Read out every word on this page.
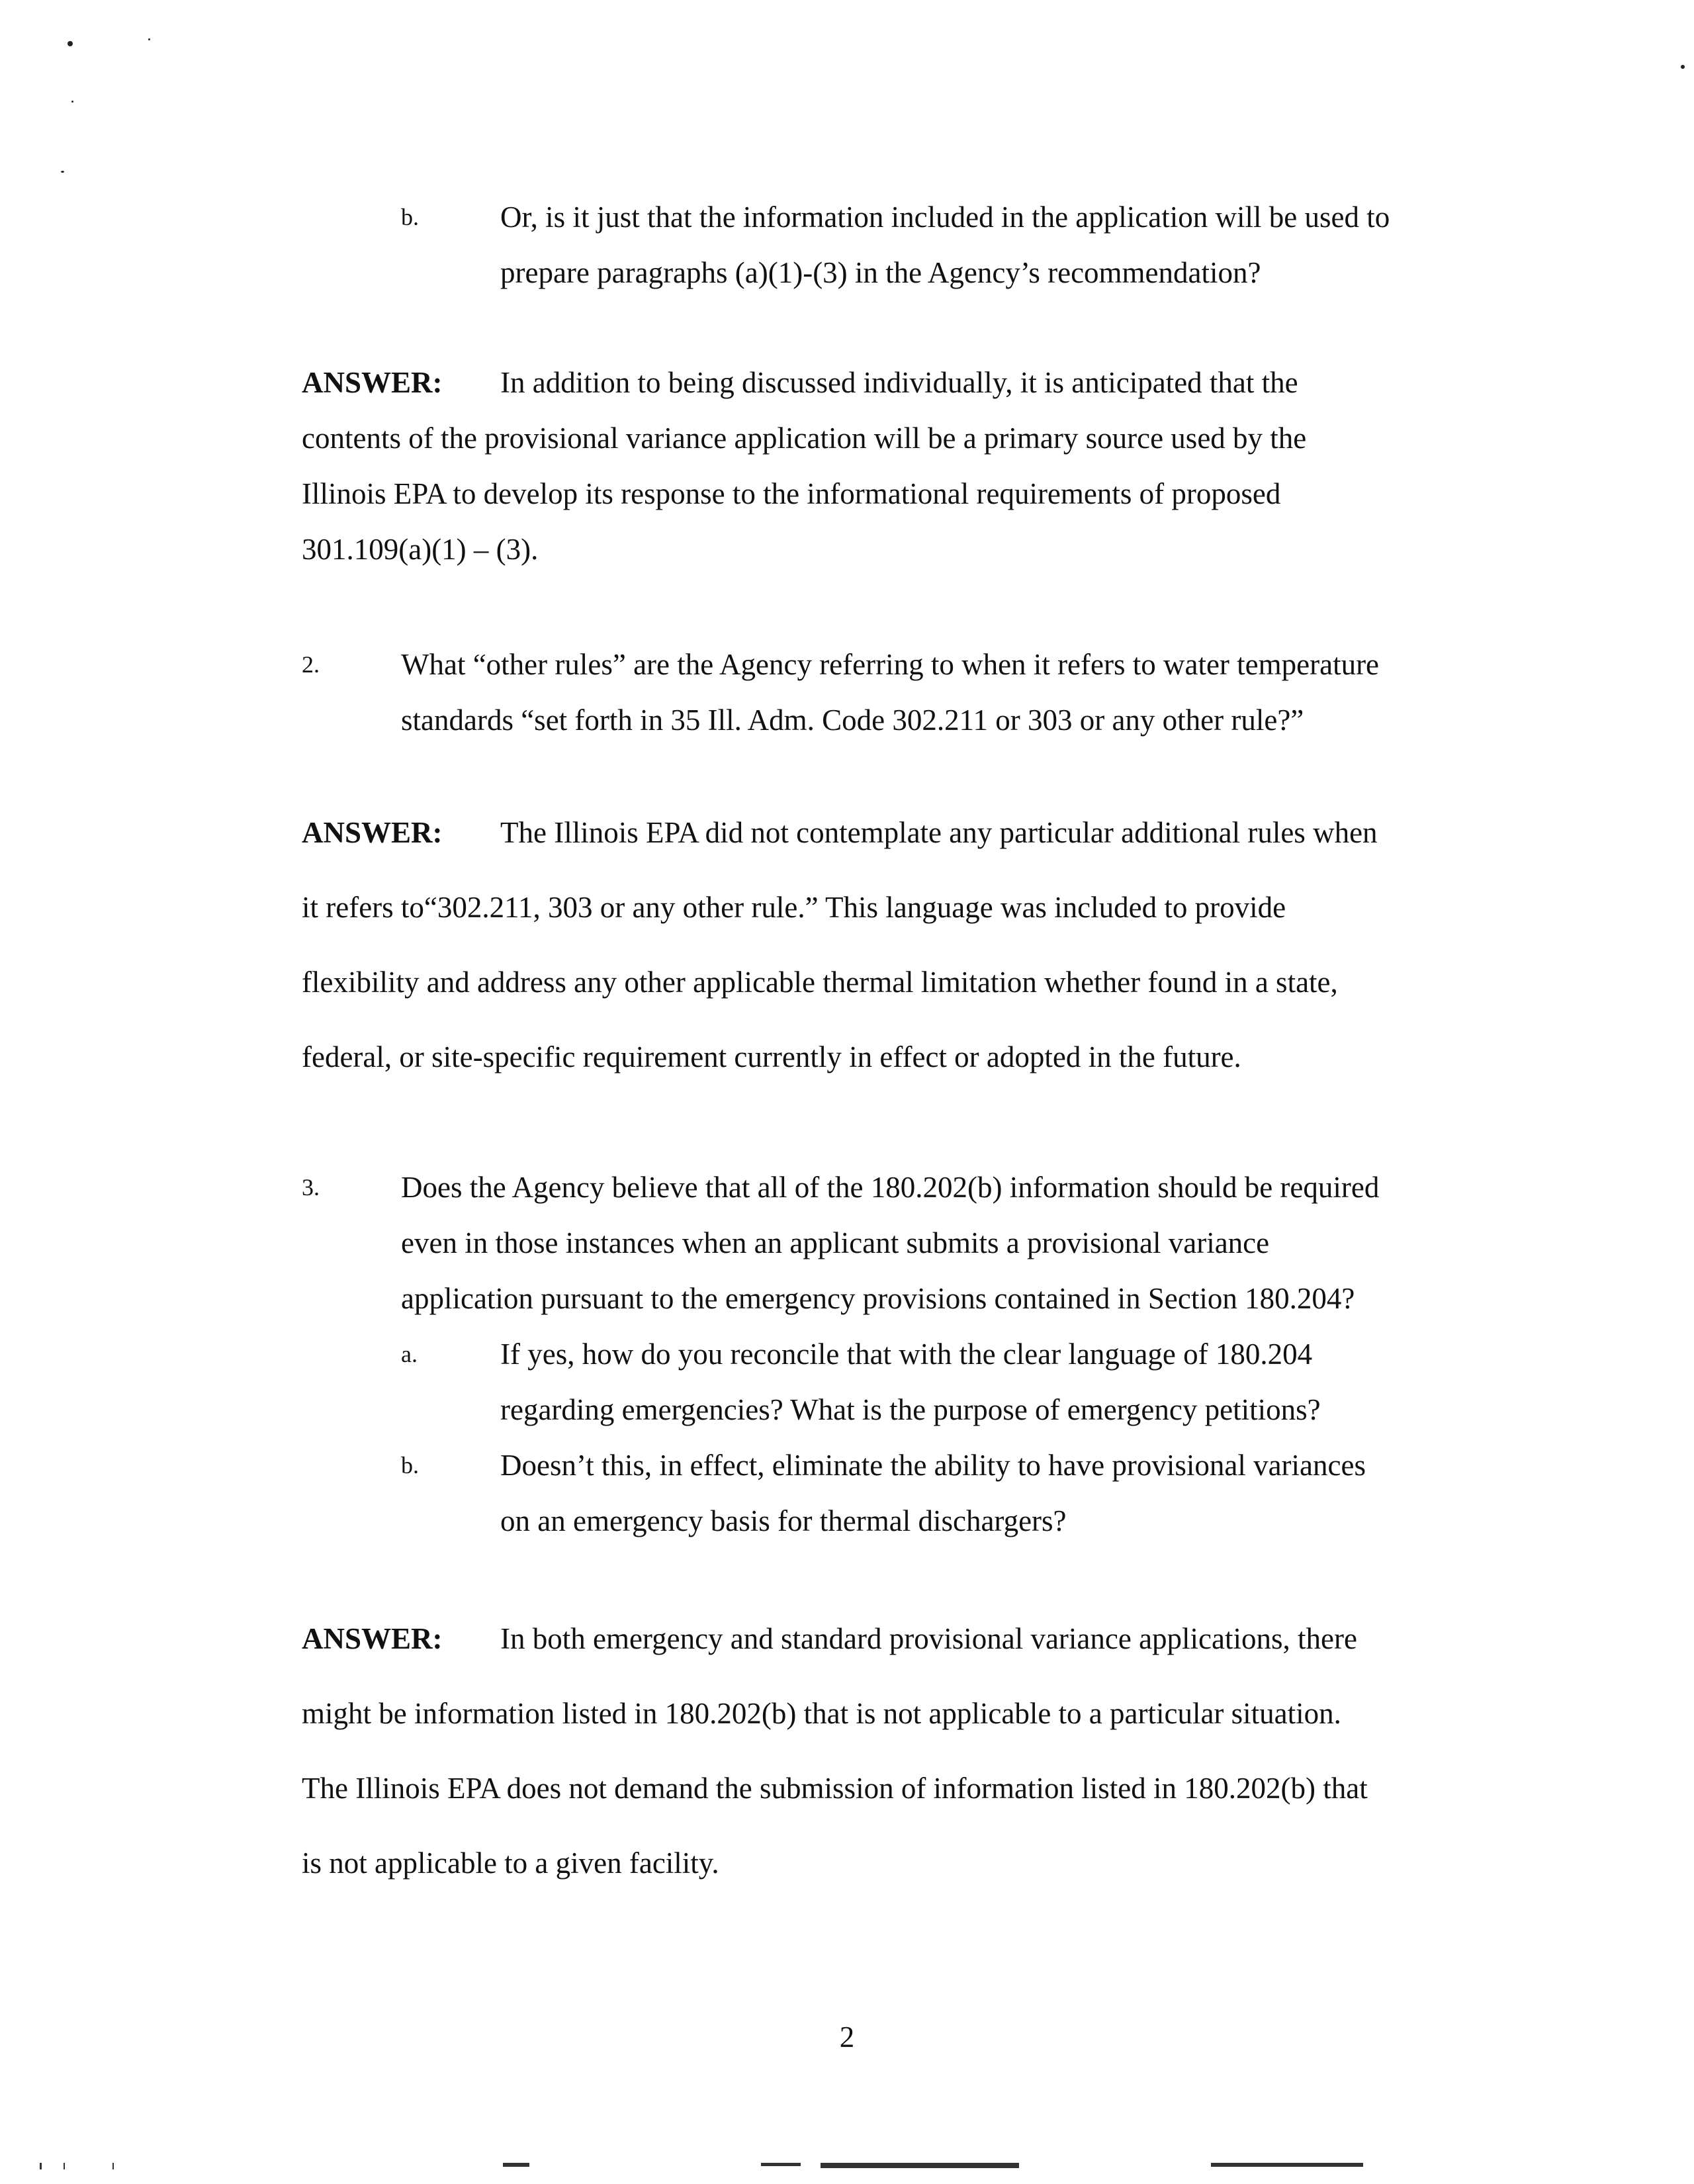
b.	Or, is it just that the information included in the application will be used to
prepare paragraphs (a)(1)-(3) in the Agency’s recommendation?
ANSWER: In addition to being discussed individually, it is anticipated that the
contents of the provisional variance application will be a primary source used by the
Illinois EPA to develop its response to the informational requirements of proposed
301.109(a)(1) – (3).
2.	What “other rules” are the Agency referring to when it refers to water temperature
standards “set forth in 35 Ill. Adm. Code 302.211 or 303 or any other rule?”
ANSWER: The Illinois EPA did not contemplate any particular additional rules when
it refers to“302.211, 303 or any other rule.” This language was included to provide
flexibility and address any other applicable thermal limitation whether found in a state,
federal, or site-specific requirement currently in effect or adopted in the future.
3.	Does the Agency believe that all of the 180.202(b) information should be required
even in those instances when an applicant submits a provisional variance
application pursuant to the emergency provisions contained in Section 180.204?
a.	If yes, how do you reconcile that with the clear language of 180.204
regarding emergencies? What is the purpose of emergency petitions?
b.	Doesn’t this, in effect, eliminate the ability to have provisional variances
on an emergency basis for thermal dischargers?
ANSWER: In both emergency and standard provisional variance applications, there
might be information listed in 180.202(b) that is not applicable to a particular situation.
The Illinois EPA does not demand the submission of information listed in 180.202(b) that
is not applicable to a given facility.
2
